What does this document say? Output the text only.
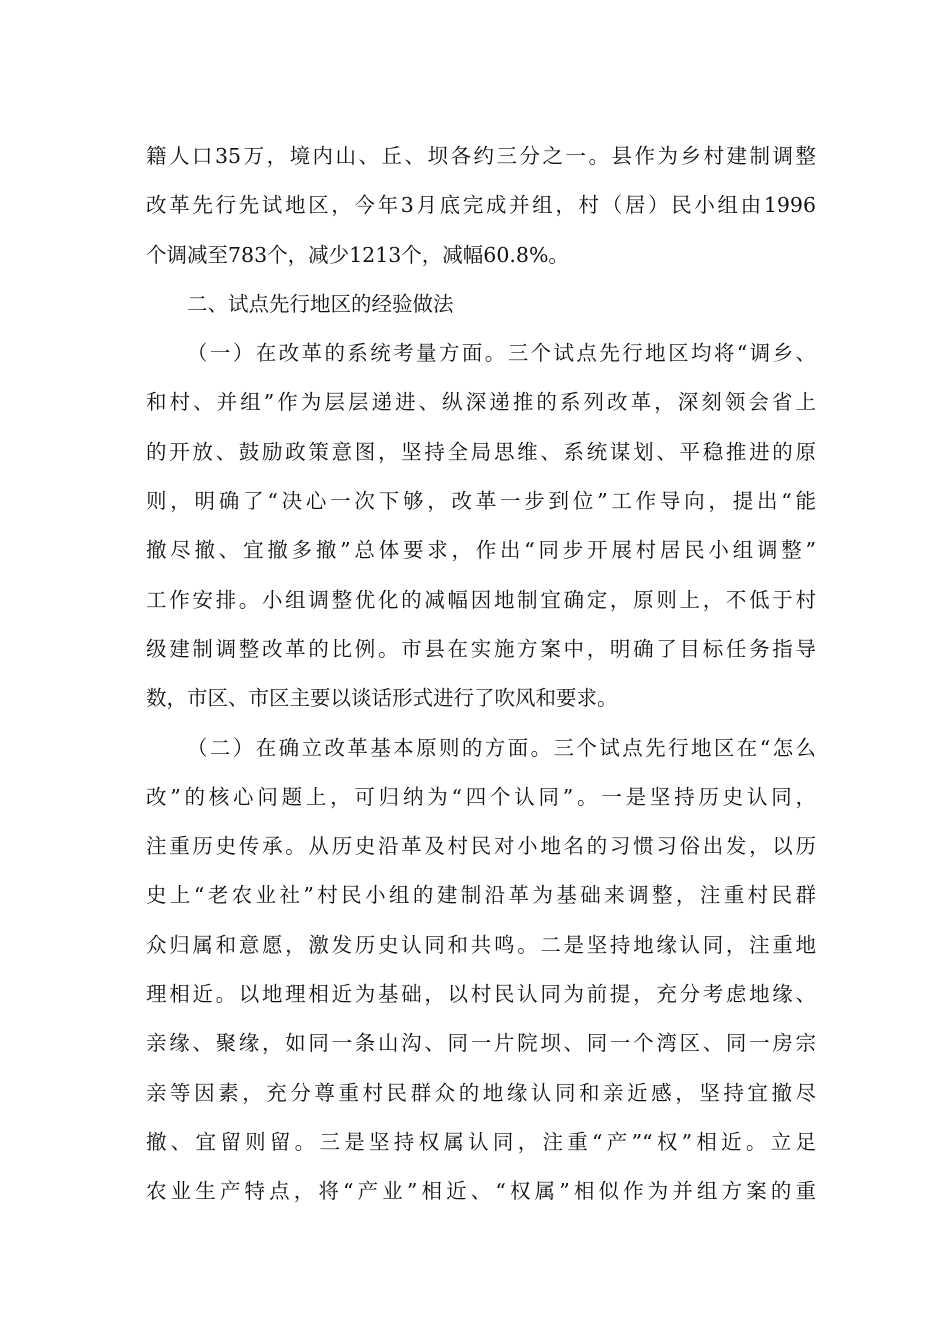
籍人口35万，境内山、丘、坝各约三分之一。县作为乡村建制调整
改革先行先试地区，今年3月底完成并组，村（居）民小组由1996
个调减至783个，减少1213个，减幅60.8%。
二、试点先行地区的经验做法
（一）在改革的系统考量方面。三个试点先行地区均将“调乡、
和村、并组”作为层层递进、纵深递推的系列改革，深刻领会省上
的开放、鼓励政策意图，坚持全局思维、系统谋划、平稳推进的原
则，明确了“决心一次下够，改革一步到位”工作导向，提出“能
撤尽撤、宜撤多撤”总体要求，作出“同步开展村居民小组调整”
工作安排。小组调整优化的减幅因地制宜确定，原则上，不低于村
级建制调整改革的比例。市县在实施方案中，明确了目标任务指导
数，市区、市区主要以谈话形式进行了吹风和要求。
（二）在确立改革基本原则的方面。三个试点先行地区在“怎么
改”的核心问题上，可归纳为“四个认同”。一是坚持历史认同，
注重历史传承。从历史沿革及村民对小地名的习惯习俗出发，以历
史上“老农业社”村民小组的建制沿革为基础来调整，注重村民群
众归属和意愿，激发历史认同和共鸣。二是坚持地缘认同，注重地
理相近。以地理相近为基础，以村民认同为前提，充分考虑地缘、
亲缘、聚缘，如同一条山沟、同一片院坝、同一个湾区、同一房宗
亲等因素，充分尊重村民群众的地缘认同和亲近感，坚持宜撤尽
撤、宜留则留。三是坚持权属认同，注重“产”“权”相近。立足
农业生产特点，将“产业”相近、“权属”相似作为并组方案的重
